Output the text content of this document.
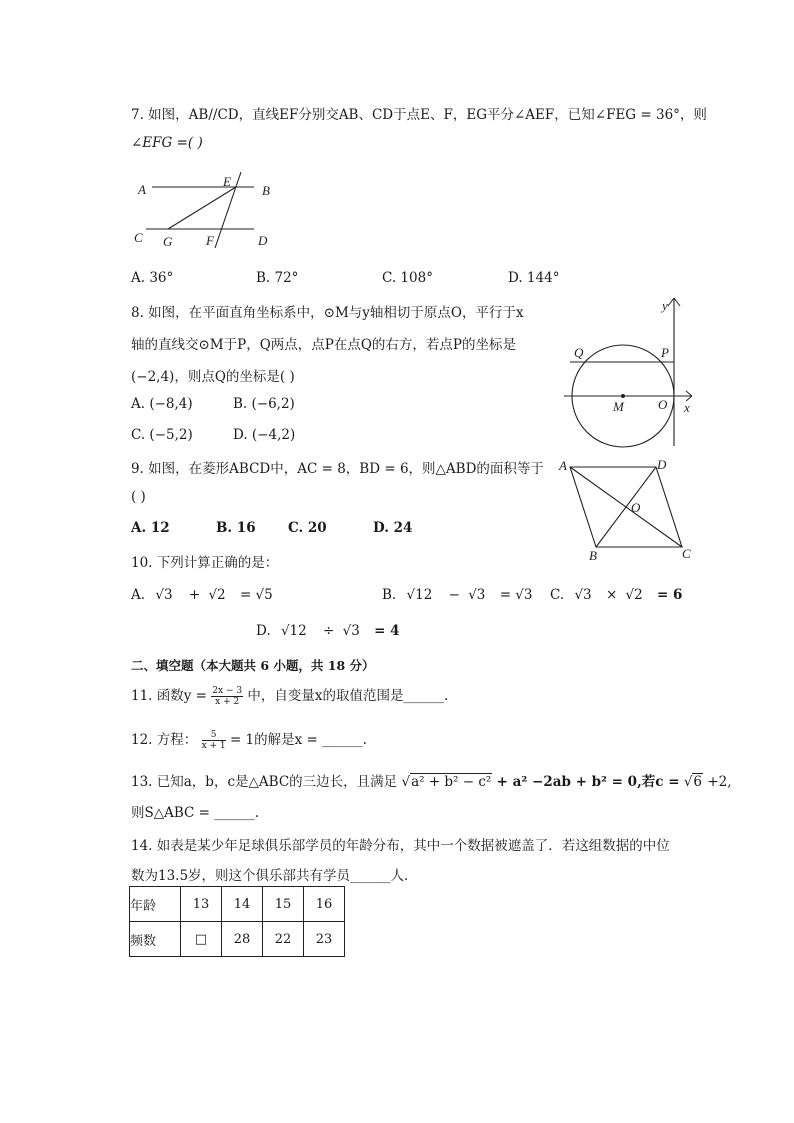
7. 如图，AB//CD，直线EF分别交AB、CD于点E、F，EG平分∠AEF，已知∠FEG = 36°，则
∠EFG =( )
A
E
B
C G	F	D
A. 36°	B. 72°	C. 108°	D. 144°
8. 如图，在平面直角坐标系中，⊙M与y轴相切于原点O，平行于x
轴的直线交⊙M于P，Q两点，点P在点Q的右方，若点P的坐标是
(−2,4)，则点Q的坐标是( )
A. (−8,4)	B. (−6,2)
C. (−5,2)	D. (−4,2)
y
Q	P
M	O x
9. 如图，在菱形ABCD中，AC = 8，BD = 6，则△ABD的面积等于
( )
A. 12	B. 16 C. 20	D. 24
A	D
O
B	C
10. 下列计算正确的是：
A. √3 + √2 = √5	B. √12 − √3 = √3 C. √3 × √2 = 6
D. √12 ÷ √3 = 4
二、填空题（本大题共 6 小题，共 18 分）
11. 函数$y = \frac{2x - 3}{x + 2}$ 中，自变量x的取值范围是______.
12. 方程： $\frac{5}{x + 1} = 1$的解是x = ______.
13. 已知a，b，c是△ABC的三边长，且满足 √a² + b² − c² + a² −2ab + b² = 0,若c = √6 +2,
则S△ABC = ______.
14. 如表是某少年足球俱乐部学员的年龄分布，其中一个数据被遮盖了．若这组数据的中位
数为13.5岁，则这个俱乐部共有学员______人．
年龄	13	14	15	16
频数	□	28	22	23
